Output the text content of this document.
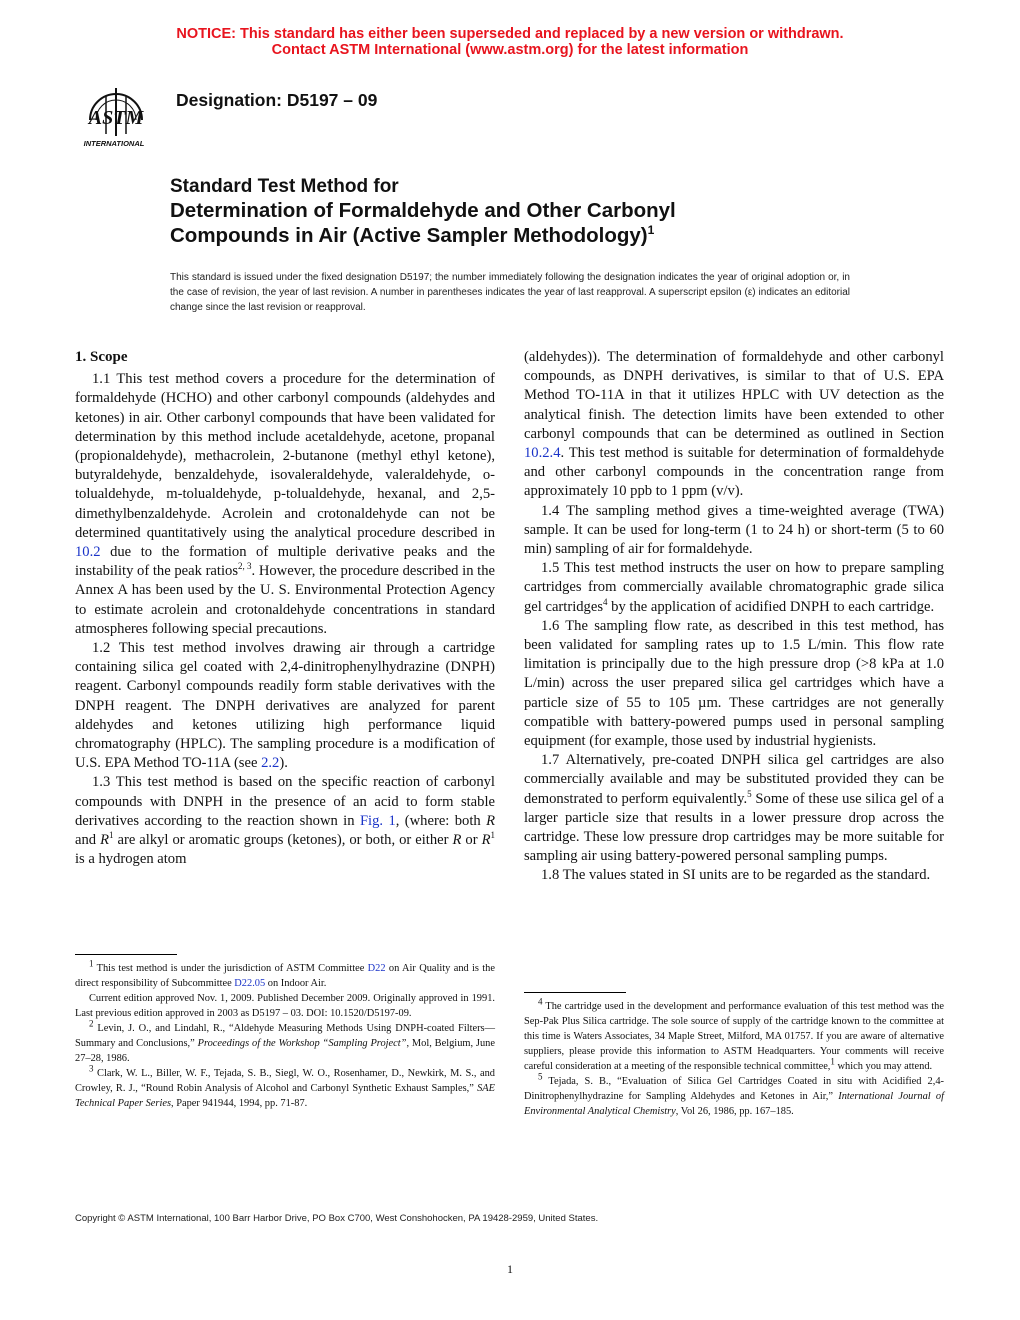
NOTICE: This standard has either been superseded and replaced by a new version or withdrawn.
Contact ASTM International (www.astm.org) for the latest information
ASTM
INTERNATIONAL
Designation: D5197 – 09
Standard Test Method for
Determination of Formaldehyde and Other Carbonyl
Compounds in Air (Active Sampler Methodology)$^1$
This standard is issued under the fixed designation D5197; the number immediately following the designation indicates the year of original adoption or, in the case of revision, the year of last revision. A number in parentheses indicates the year of last reapproval. A superscript epsilon (ε) indicates an editorial change since the last revision or reapproval.

1. Scope

1.1 This test method covers a procedure for the determination of formaldehyde (HCHO) and other carbonyl compounds (aldehydes and ketones) in air. Other carbonyl compounds that have been validated for determination by this method include acetaldehyde, acetone, propanal (propionaldehyde), methacrolein, 2-butanone (methyl ethyl ketone), butyraldehyde, benzaldehyde, isovaleraldehyde, valeraldehyde, o-tolualdehyde, m-tolualdehyde, p-tolualdehyde, hexanal, and 2,5-dimethylbenzaldehyde. Acrolein and crotonaldehyde can not be determined quantitatively using the analytical procedure described in 10.2 due to the formation of multiple derivative peaks and the instability of the peak ratios$^{2, 3}$. However, the procedure described in the Annex A has been used by the U. S. Environmental Protection Agency to estimate acrolein and crotonaldehyde concentrations in standard atmospheres following special precautions.

1.2 This test method involves drawing air through a cartridge containing silica gel coated with 2,4-dinitrophenylhydrazine (DNPH) reagent. Carbonyl compounds readily form stable derivatives with the DNPH reagent. The DNPH derivatives are analyzed for parent aldehydes and ketones utilizing high performance liquid chromatography (HPLC). The sampling procedure is a modification of U.S. EPA Method TO-11A (see 2.2).

1.3 This test method is based on the specific reaction of carbonyl compounds with DNPH in the presence of an acid to form stable derivatives according to the reaction shown in Fig. 1, (where: both R and $R^1$ are alkyl or aromatic groups (ketones), or both, or either R or $R^1$ is a hydrogen atom

(aldehydes)). The determination of formaldehyde and other carbonyl compounds, as DNPH derivatives, is similar to that of U.S. EPA Method TO-11A in that it utilizes HPLC with UV detection as the analytical finish. The detection limits have been extended to other carbonyl compounds that can be determined as outlined in Section 10.2.4. This test method is suitable for determination of formaldehyde and other carbonyl compounds in the concentration range from approximately 10 ppb to 1 ppm (v/v).

1.4 The sampling method gives a time-weighted average (TWA) sample. It can be used for long-term (1 to 24 h) or short-term (5 to 60 min) sampling of air for formaldehyde.

1.5 This test method instructs the user on how to prepare sampling cartridges from commercially available chromatographic grade silica gel cartridges$^4$ by the application of acidified DNPH to each cartridge.

1.6 The sampling flow rate, as described in this test method, has been validated for sampling rates up to 1.5 L/min. This flow rate limitation is principally due to the high pressure drop (>8 kPa at 1.0 L/min) across the user prepared silica gel cartridges which have a particle size of 55 to 105 µm. These cartridges are not generally compatible with battery-powered pumps used in personal sampling equipment (for example, those used by industrial hygienists.

1.7 Alternatively, pre-coated DNPH silica gel cartridges are also commercially available and may be substituted provided they can be demonstrated to perform equivalently.$^5$ Some of these use silica gel of a larger particle size that results in a lower pressure drop across the cartridge. These low pressure drop cartridges may be more suitable for sampling air using battery-powered personal sampling pumps.

1.8 The values stated in SI units are to be regarded as the standard.

$^1$ This test method is under the jurisdiction of ASTM Committee D22 on Air Quality and is the direct responsibility of Subcommittee D22.05 on Indoor Air.

Current edition approved Nov. 1, 2009. Published December 2009. Originally approved in 1991. Last previous edition approved in 2003 as D5197 – 03. DOI: 10.1520/D5197-09.

$^2$ Levin, J. O., and Lindahl, R., “Aldehyde Measuring Methods Using DNPH-coated Filters—Summary and Conclusions,” Proceedings of the Workshop “Sampling Project”, Mol, Belgium, June 27–28, 1986.

$^3$ Clark, W. L., Biller, W. F., Tejada, S. B., Siegl, W. O., Rosenhamer, D., Newkirk, M. S., and Crowley, R. J., “Round Robin Analysis of Alcohol and Carbonyl Synthetic Exhaust Samples,” SAE Technical Paper Series, Paper 941944, 1994, pp. 71-87.

$^4$ The cartridge used in the development and performance evaluation of this test method was the Sep-Pak Plus Silica cartridge. The sole source of supply of the cartridge known to the committee at this time is Waters Associates, 34 Maple Street, Milford, MA 01757. If you are aware of alternative suppliers, please provide this information to ASTM Headquarters. Your comments will receive careful consideration at a meeting of the responsible technical committee,$^1$ which you may attend.

$^5$ Tejada, S. B., “Evaluation of Silica Gel Cartridges Coated in situ with Acidified 2,4-Dinitrophenylhydrazine for Sampling Aldehydes and Ketones in Air,” International Journal of Environmental Analytical Chemistry, Vol 26, 1986, pp. 167–185.

Copyright © ASTM International, 100 Barr Harbor Drive, PO Box C700, West Conshohocken, PA 19428-2959, United States.
1
